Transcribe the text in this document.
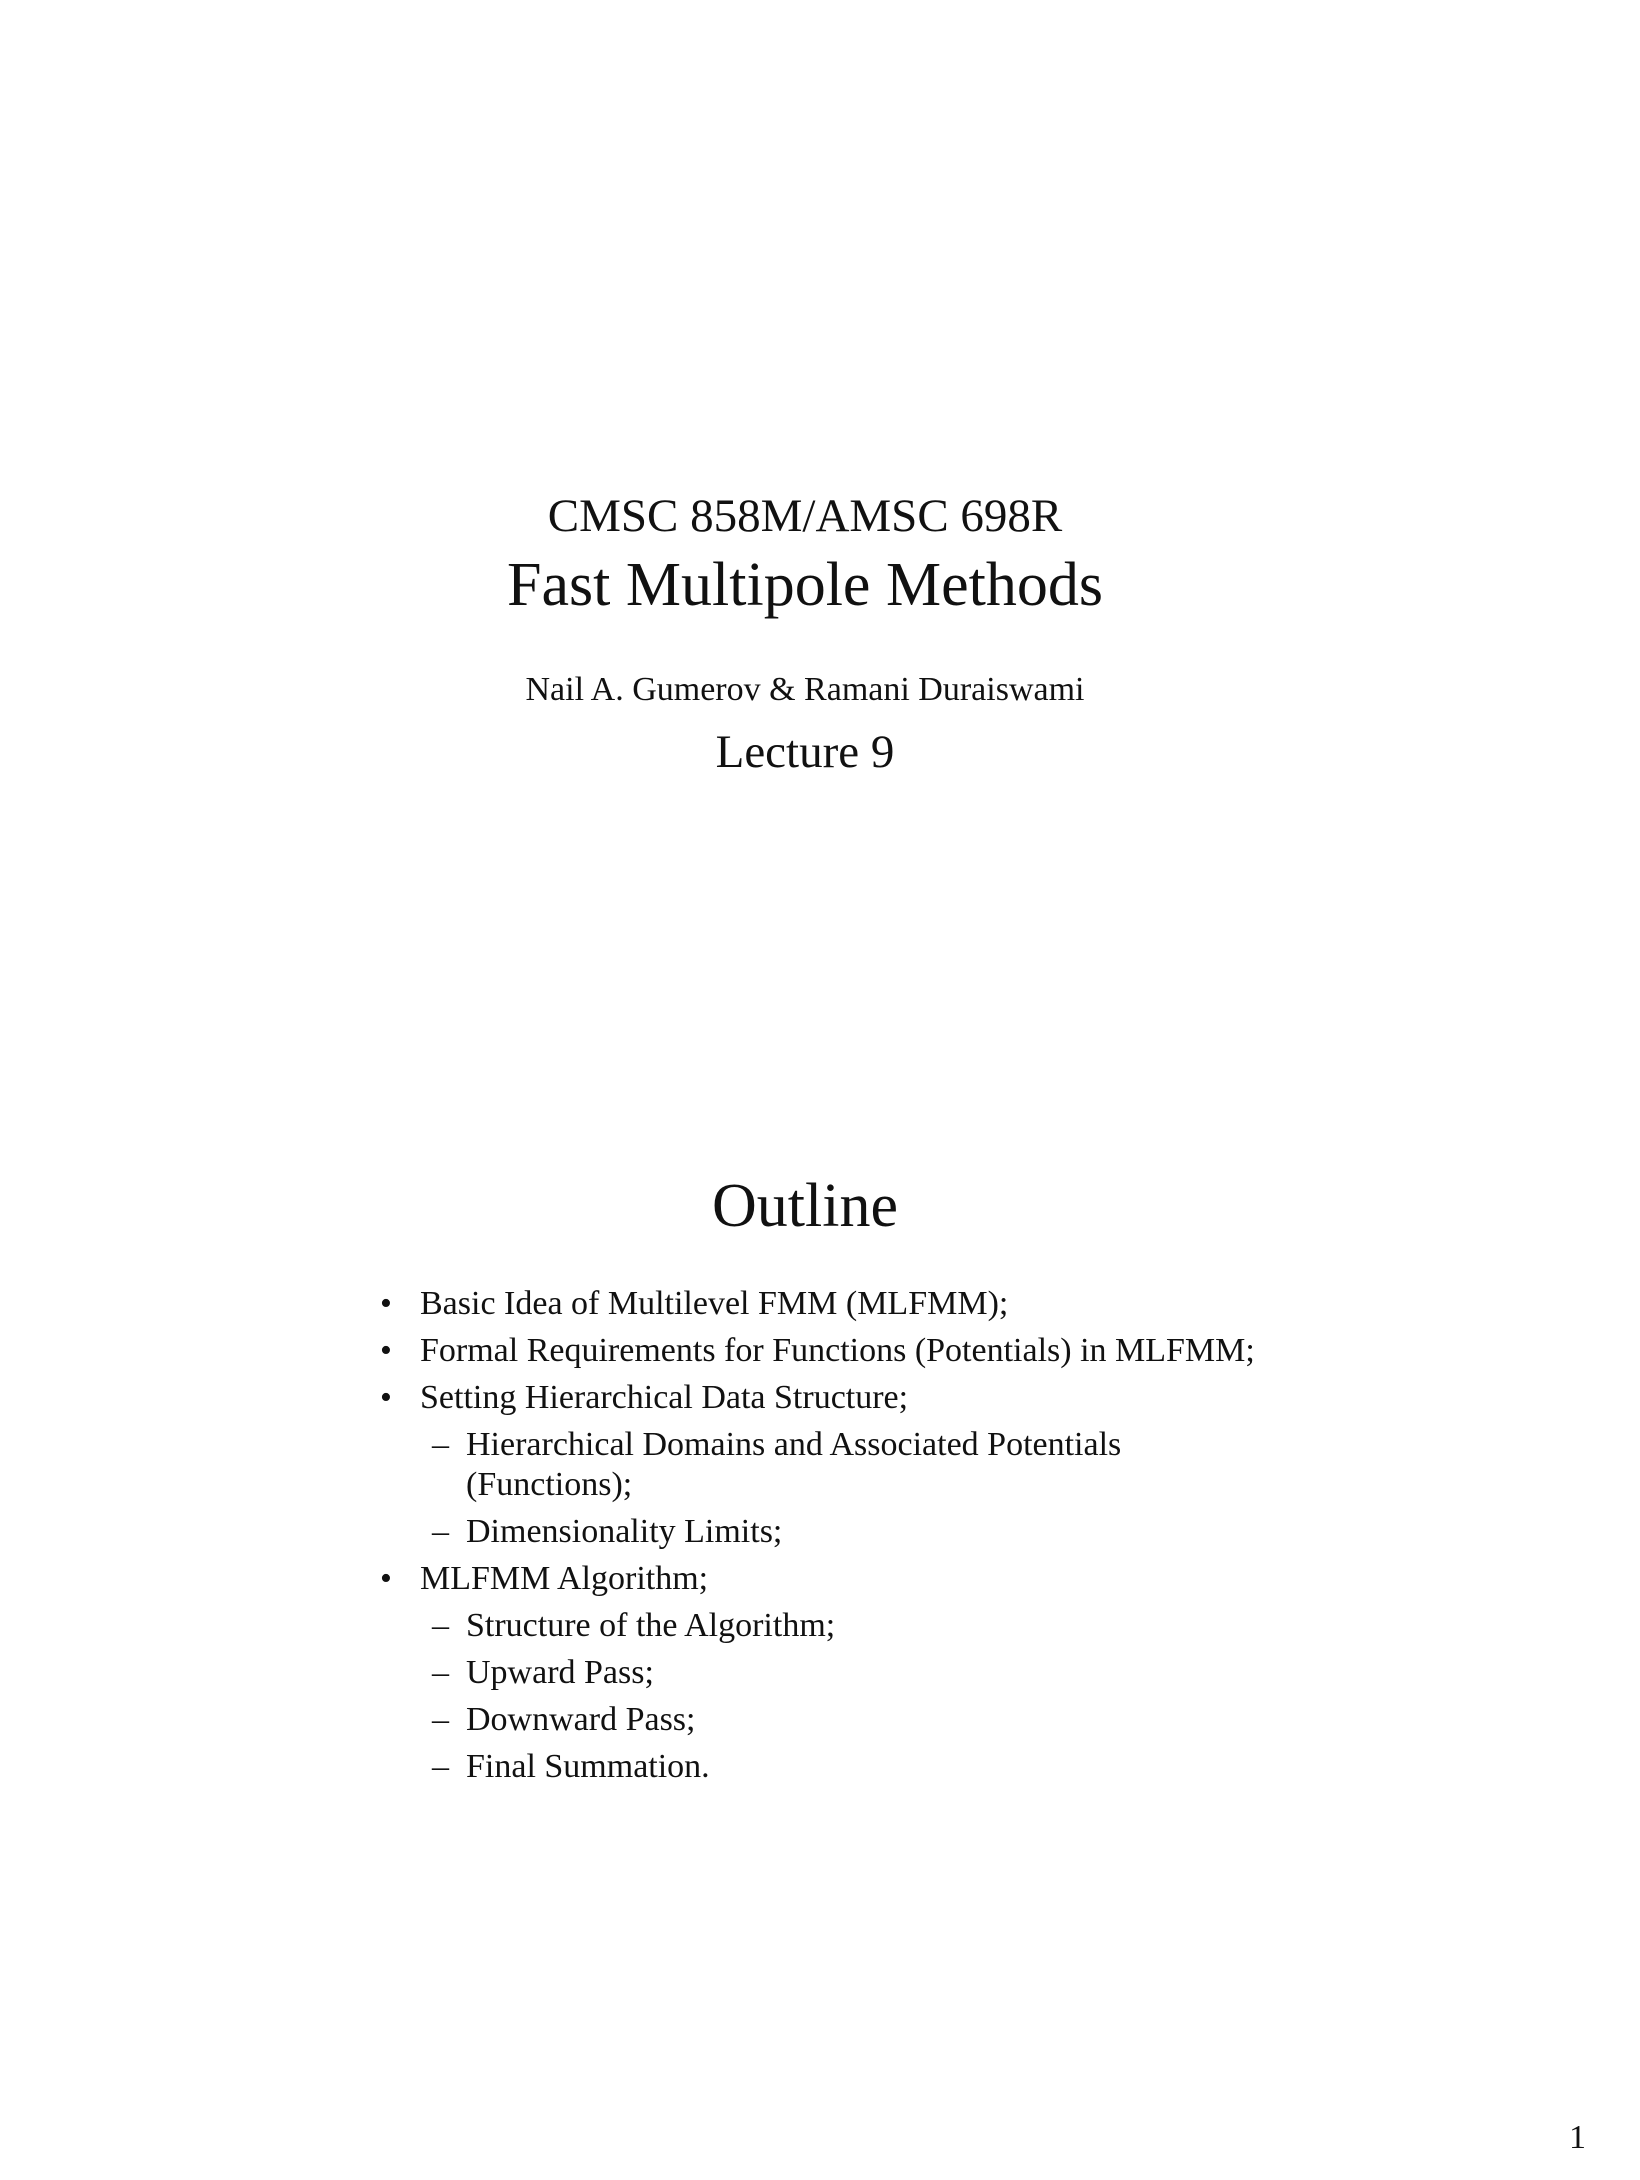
CMSC 858M/AMSC 698R
Fast Multipole Methods
Nail A. Gumerov & Ramani Duraiswami
Lecture 9
Outline
• Basic Idea of Multilevel FMM (MLFMM);
• Formal Requirements for Functions (Potentials) in MLFMM;
• Setting Hierarchical Data Structure;
– Hierarchical Domains and Associated Potentials (Functions);
– Dimensionality Limits;
• MLFMM Algorithm;
– Structure of the Algorithm;
– Upward Pass;
– Downward Pass;
– Final Summation.
1
